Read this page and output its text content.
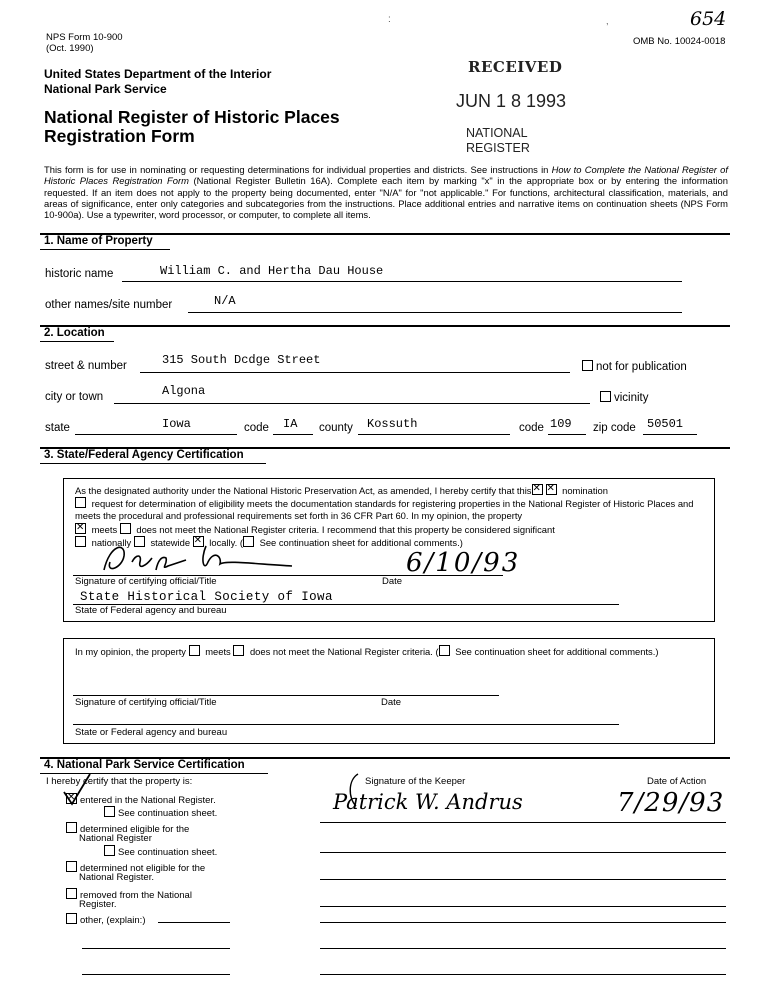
NPS Form 10-900
(Oct. 1990)
OMB No. 10024-0018
654
:	,
United States Department of the Interior
National Park Service
National Register of Historic Places
Registration Form
RECEIVED
JUN 1 8 1993
NATIONAL
REGISTER
This form is for use in nominating or requesting determinations for individual properties and districts. See instructions in How to Complete the National Register of Historic Places Registration Form (National Register Bulletin 16A). Complete each item by marking "x" in the appropriate box or by entering the information requested. If an item does not apply to the property being documented, enter "N/A" for "not applicable." For functions, architectural classification, materials, and areas of significance, enter only categories and subcategories from the instructions. Place additional entries and narrative items on continuation sheets (NPS Form 10-900a). Use a typewriter, word processor, or computer, to complete all items.
1. Name of Property
historic name	William C. and Hertha Dau House
other names/site number	N/A
2. Location
street & number	315 South Dcdge Street	not for publication
city or town	Algona	vicinity
state	Iowa	code IA county Kossuth	code 109 zip code 50501
3. State/Federal Agency Certification
As the designated authority under the National Historic Preservation Act, as amended, I hereby certify that this ✕ ✕	nomination
request for determination of eligibility meets the documentation standards for registering properties in the National Register of Historic Places and meets the procedural and professional requirements set forth in 36 CFR Part 60. In my opinion, the property
✕ meets does not meet the National Register criteria. I recommend that this property be considered significant
nationally statewide ✕ locally. ( See continuation sheet for additional comments.)
Signature of certifying official/Title	Date
6/10/93
State Historical Society of Iowa
State of Federal agency and bureau
In my opinion, the property meets does not meet the National Register criteria. ( See continuation sheet for additional comments.)
Signature of certifying official/Title	Date
State or Federal agency and bureau
4. National Park Service Certification
I hereby certify that the property is:	Signature of the Keeper	Date of Action
Patrick W. Andrus	7/29/93
✕entered in the National Register.
See continuation sheet.
determined eligible for the
National Register
See continuation sheet.
determined not eligible for the
National Register.
removed from the National
Register.
other, (explain:)
